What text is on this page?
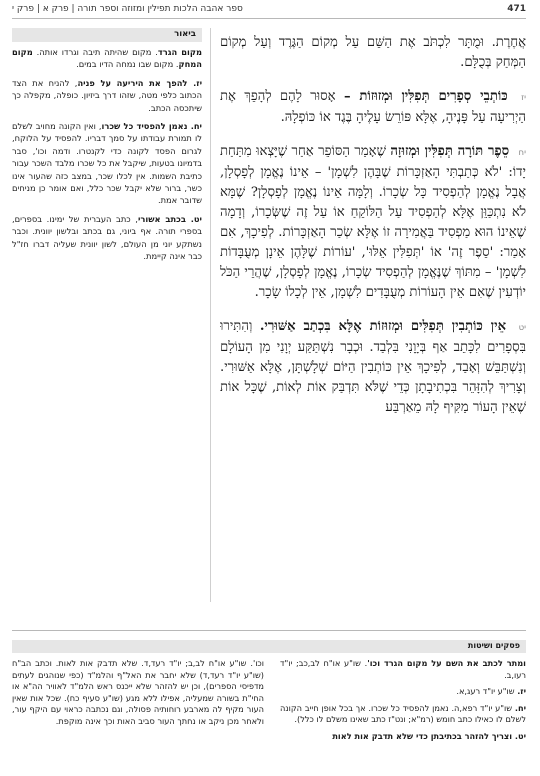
471
ספר אהבה הלכות תפילין ומזוזה וספר תורה | פרק א | פרק י

אֲחֶרֶת. וּמֻתָּר לִכְתֹּב אֶת הַשֵּׁם עַל מְקוֹם הַגֶּרֶד וְעַל מְקוֹם הַמְּחַק בְּכֻלָּם.

יז כּוֹתְבֵי סְפָרִים תְּפִלִּין וּמְזוּזוֹת – אָסוּר לָהֶם לְהָפֵךְ אֶת הַיְרִיעָה עַל פָּנֶיהָ, אֶלָּא פּוֹרֵשׂ עָלֶיהָ בֶּגֶד אוֹ כּוֹפְלָהּ.

יח סֵפֶר תּוֹרָה תְּפִלִּין וּמְזוּזָה שֶׁאָמַר הַסּוֹפֵר אַחַר שֶׁיָּצְאוּ מִתַּחַת יָדוֹ: 'לֹא כְּתַבְתִּי הָאַזְכָּרוֹת שֶׁבָּהֶן לִשְׁמָן' – אֵינוֹ נֶאֱמָן לְפָסְלָן, אֲבָל נֶאֱמָן לְהַפְסִיד כָּל שְׂכָרוֹ. וְלָמָּה אֵינוֹ נֶאֱמָן לְפָסְלָן? שֶׁמָּא לֹא נִתְכַּוֵּן אֶלָּא לְהַפְסִיד עַל הַלּוֹקֵחַ אוֹ עַל זֶה שֶׁשְּׂכָרוֹ, וְדָמָה שֶׁאֵינוֹ הוּא מַפְסִיד בַּאֲמִירָה זוֹ אֶלָּא שְׂכַר הָאַזְכָּרוֹת. לְפִיכָךְ, אִם אָמַר: 'סֵפֶר זֶה' אוֹ 'תְּפִלִּין אֵלּוּ', 'עוֹרוֹת שֶׁלָּהֶן אֵינָן מְעֻבָּדוֹת לִשְׁמָן' – מִתּוֹךְ שֶׁנֶּאֱמָן לְהַפְסִיד שְׂכָרוֹ, נֶאֱמָן לְפָסְלָן, שֶׁהֲרֵי הַכֹּל יוֹדְעִין שֶׁאִם אֵין הָעוֹרוֹת מְעֻבָּדִים לִשְׁמָן, אֵין לְכָלוֹ שָׂכָר.

יט אֵין כּוֹתְבִין תְּפִלִּים וּמְזוּזוֹת אֶלָּא בִּכְתַב אַשּׁוּרִי. וְהִתִּירוּ בִּסְפָרִים לִכָּתֵב אַף בְּיָוָנִי בִּלְבַד. וּכְבָר נִשְׁתַּקַּע יְוָנִי מִן הָעוֹלָם וְנִשְׁתַּבֵּשׁ וְאָבַד, לְפִיכָךְ אֵין כּוֹתְבִין הַיּוֹם שְׁלָשְׁתָּן, אֶלָּא אַשּׁוּרִי. וְצָרִיךְ לְהִזָּהֵר בִּכְתִיבָתָן כְּדֵי שֶׁלֹּא תִּדְבַּק אוֹת לְאוֹת, שֶׁכָּל אוֹת שֶׁאֵין הָעוֹר מַקִּיף לָהּ מֵאַרְבַּע

ביאור

מקום הגרד. מקום שהיתה תיבה וגרדו אותה. מקום המחק. מקום שבו נמחה הדיו במים.

יז. להפך את היריעה על פניה, להניח את הצד הכתוב כלפי מטה, שזהו דרך ביזיון. כופלה, מקפלה כך שיתכסה הכתב.

יח. נאמן להפסיד כל שכרו, ואין הקונה מחויב לשלם לו תמורת עבודתו על סמך דבריו. להפסיד על הלוקח, לגרום הפסד לקונה כדי לקנטרו. ודמה וכו', סבר בדמיונו בטעות, שיקבל את כל שכרו מלבד השכר עבור כתיבת השמות. אין לכלו שכר, במצב כזה שהעור אינו כשר, ברור שלא יקבל שכר כלל, ואם אומר כן מניחים שדובר אמת.

יט. בכתב אשורי, כתב העברית של ימינו. בספרים, בספרי תורה. אף ביוני, גם בכתב ובלשון יוונית. וכבר נשתקע יוני מן העולם, לשון יוונית שעליה דברו חז"ל כבר אינה קיימת.

פסקים ושיטות

ומתר לכתב את השם על מקום הגרד וכו'. שו"ע או"ח לב,כב; יו"ד רעו,ב.

יז. שו"ע יו"ד רעג,א.

יח. שו"ע יו"ד רפא,ה. נאמן להפסיד כל שכרו. אך בכל אופן חייב הקונה לשלם לו כאילו כתב חומש (רמ"א; ונט"ז כתב שאינו משלם לו כלל).

יט. וצריך להזהר בכתיבתן כדי שלא תדבק אות לאות

וכו'. שו"ע או"ח לב,ב; יו"ד רעד,ד. שלא תדבק אות לאות. וכתב הב"ח (שו"ע יו"ד רעד,ד) שלא יחבר את האל"ף והלמ"ד (כפי שנוהגים לעתים מדפיסי הספרים), וכן יש להזהר שלא ייכנס ראש הלמ"ד לאוויר הה"א או החי"ת בשורה שמעליה, אפילו ללא מגע (שו"ע סעיף כח). שכל אות שאין העור מקיף לה מארבע רוחותיה פסולה, וגם נכתבה כראוי עם היקף עור, ולאחר מכן ניקב או נחתך העור סביב האות וכך אינה מוקפת.
